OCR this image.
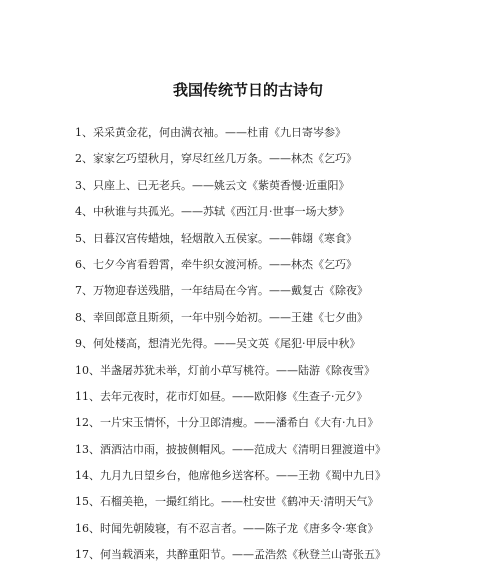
我国传统节日的古诗句
1、采采黄金花，何由满衣袖。——杜甫《九日寄岑参》
2、家家乞巧望秋月，穿尽红丝几万条。——林杰《乞巧》
3、只座上、已无老兵。——姚云文《紫萸香慢·近重阳》
4、中秋谁与共孤光。——苏轼《西江月·世事一场大梦》
5、日暮汉宫传蜡烛，轻烟散入五侯家。——韩翃《寒食》
6、七夕今宵看碧霄，牵牛织女渡河桥。——林杰《乞巧》
7、万物迎春送残腊，一年结局在今宵。——戴复古《除夜》
8、幸回郎意且斯须，一年中别今始初。——王建《七夕曲》
9、何处楼高，想清光先得。——吴文英《尾犯·甲辰中秋》
10、半盏屠苏犹未举，灯前小草写桃符。——陆游《除夜雪》
11、去年元夜时，花市灯如昼。——欧阳修《生查子·元夕》
12、一片宋玉情怀，十分卫郎清瘦。——潘希白《大有·九日》
13、酒酒沽巾雨，披披侧帽风。——范成大《清明日狸渡道中》
14、九月九日望乡台，他席他乡送客杯。——王勃《蜀中九日》
15、石榴美艳，一撮红绡比。——杜安世《鹤冲天·清明天气》
16、时闻先朝陵寝，有不忍言者。——陈子龙《唐多令·寒食》
17、何当载酒来，共醉重阳节。——孟浩然《秋登兰山寄张五》
